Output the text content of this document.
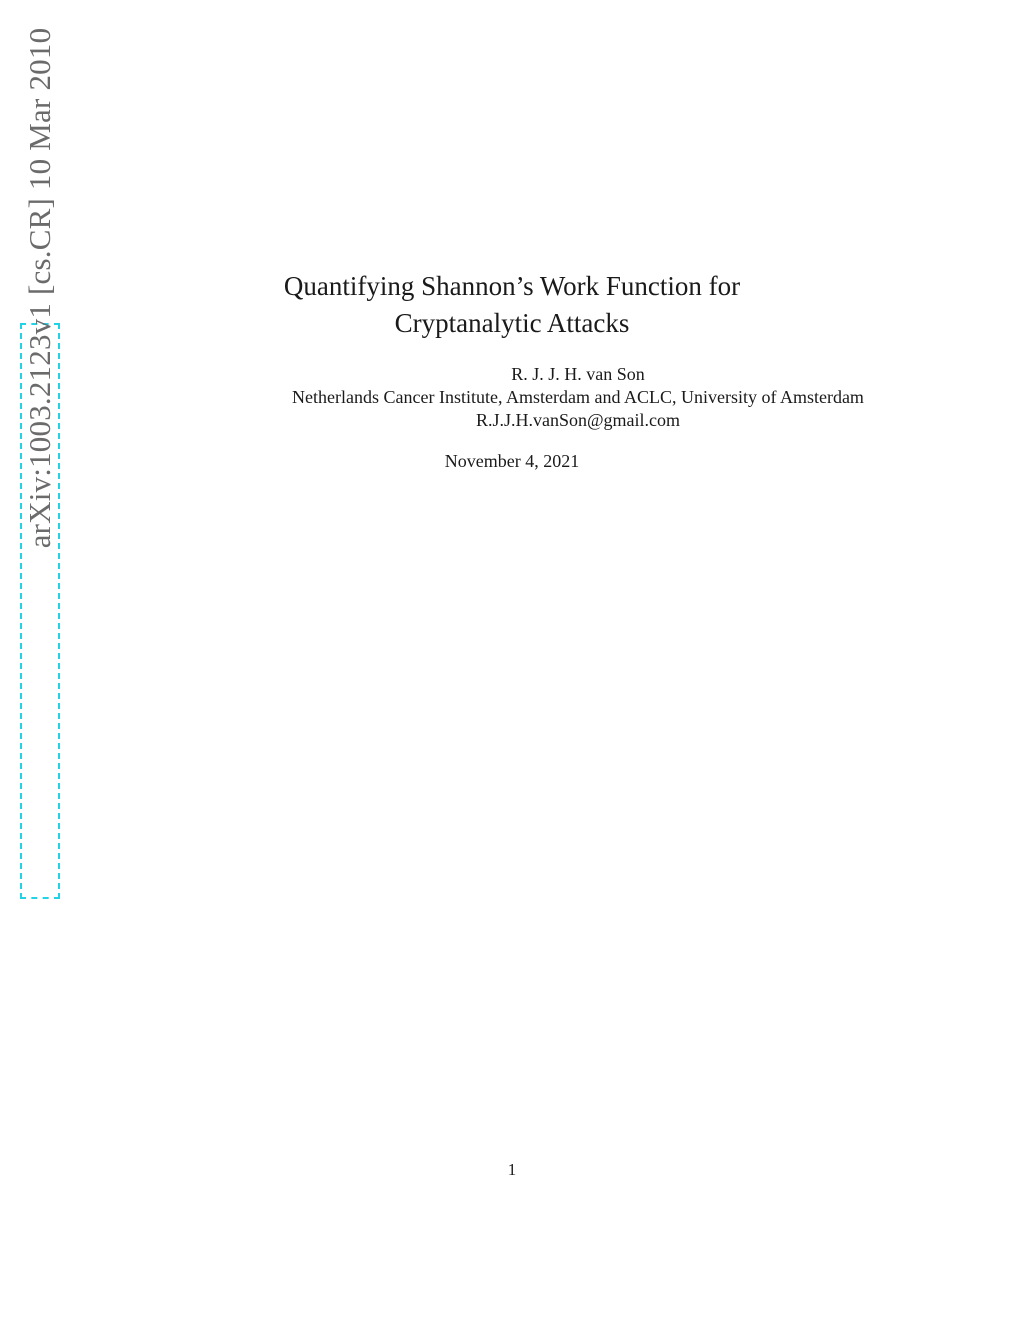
arXiv:1003.2123v1 [cs.CR] 10 Mar 2010	Quantifying Shannon’s Work Function for
Cryptanalytic Attacks
R. J. J. H. van Son
Netherlands Cancer Institute, Amsterdam and ACLC, University of Amsterdam
R.J.J.H.vanSon@gmail.com
November 4, 2021
1
